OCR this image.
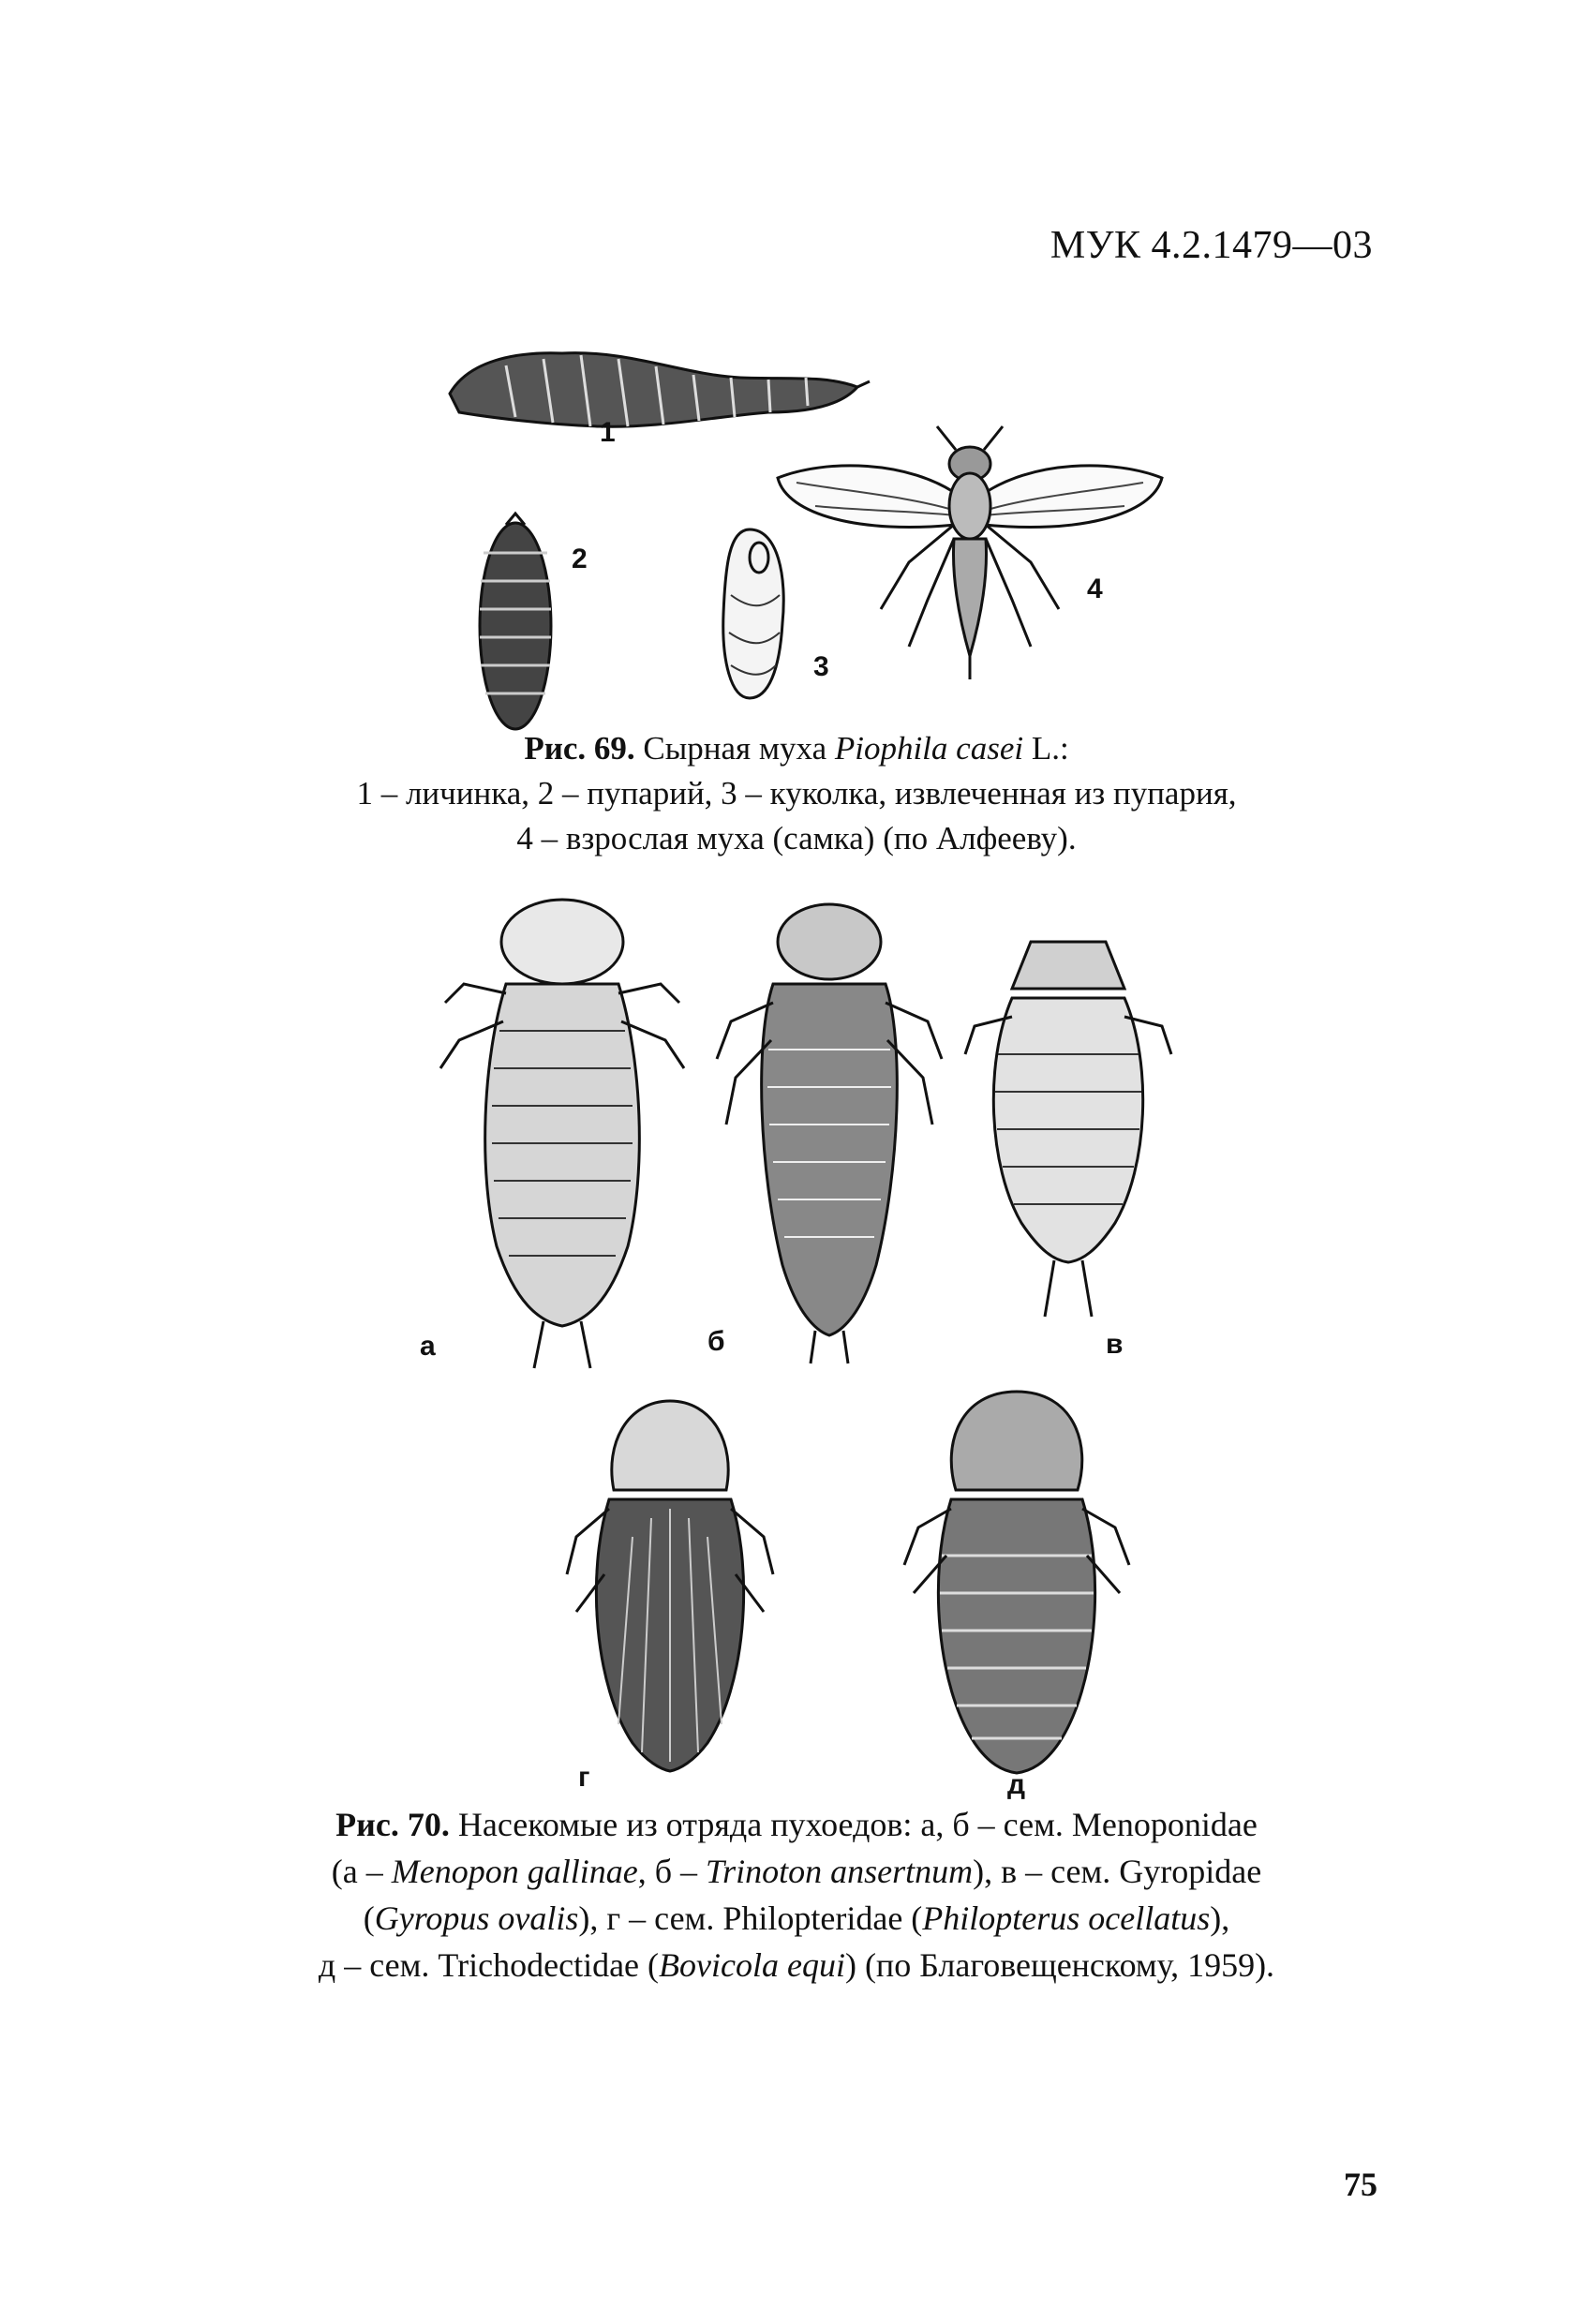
МУК 4.2.1479—03
1
2
3
4
Рис. 69. Сырная муха Piophila casei L.:
1 – личинка, 2 – пупарий, 3 – куколка, извлеченная из пупария,
4 – взрослая муха (самка) (по Алфееву).
а	б	в
г	д
Рис. 70. Насекомые из отряда пухоедов: а, б – сем. Menoponidae
(а – Menopon gallinae, б – Trinoton ansertnum), в – сем. Gyropidae
(Gyropus ovalis), г – сем. Philopteridae (Philopterus ocellatus),
д – сем. Trichodectidae (Bovicola equi) (по Благовещенскому, 1959).
75
